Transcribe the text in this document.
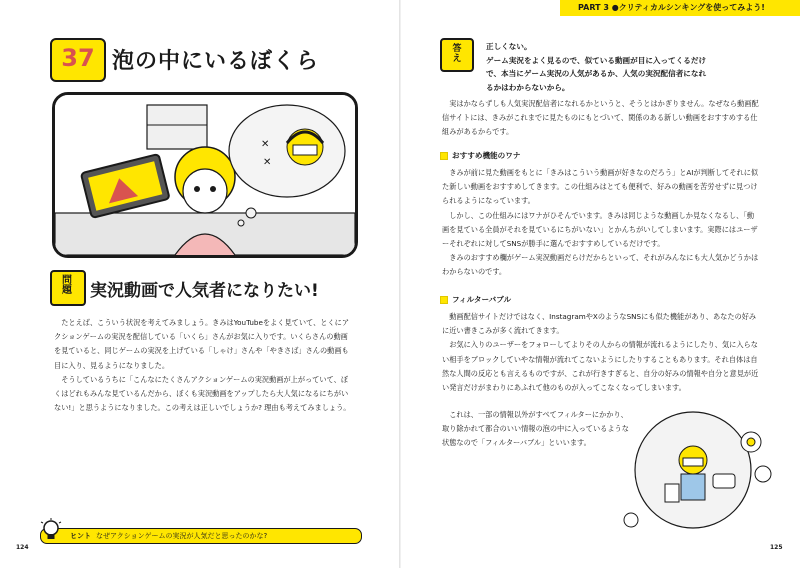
PART 3 ●クリティカルシンキングを使ってみよう!
37 泡の中にいるぼくら
✕
✕
問
題	実況動画で人気者になりたい!

たとえば、こういう状況を考えてみましょう。きみはYouTubeをよく見ていて、とくにアクションゲームの実況を配信している「いくら」さんがお気に入りです。いくらさんの動画を見ていると、同じゲームの実況を上げている「しゃけ」さんや「やきさば」さんの動画も目に入り、見るようになりました。

そうしているうちに「こんなにたくさんアクションゲームの実況動画が上がっていて、ぼくはどれもみんな見ているんだから、ぼくも実況動画をアップしたら大人気になるにちがいない!」と思うようになりました。この考えは正しいでしょうか? 理由も考えてみましょう。

ヒント なぜアクションゲームの実況が人気だと思ったのかな?
124
答
え
正しくない。
ゲーム実況をよく見るので、似ている動画が目に入ってくるだけ
で、本当にゲーム実況の人気があるか、人気の実況配信者になれ
るかはわからないから。

実はかならずしも人気実況配信者になれるかというと、そうとはかぎりません。なぜなら動画配信サイトには、きみがこれまでに見たものにもとづいて、関係のある新しい動画をおすすめする仕組みがあるからです。

おすすめ機能のワナ

きみが前に見た動画をもとに「きみはこういう動画が好きなのだろう」とAIが判断してそれに似た新しい動画をおすすめしてきます。この仕組みはとても便利で、好みの動画を苦労せずに見つけられるようになっています。

しかし、この仕組みにはワナがひそんでいます。きみは同じような動画しか見なくなるし、「動画を見ている全員がそれを見ているにちがいない」とかんちがいしてしまいます。実際にはユーザーそれぞれに対してSNSが勝手に選んでおすすめしているだけです。

きみのおすすめ欄がゲーム実況動画だらけだからといって、それがみんなにも大人気かどうかはわからないのです。

フィルターバブル

動画配信サイトだけではなく、InstagramやXのようなSNSにも似た機能があり、あなたの好みに近い書きこみが多く流れてきます。

お気に入りのユーザーをフォローしてよりその人からの情報が流れるようにしたり、気に入らない相手をブロックしていやな情報が流れてこないようにしたりすることもあります。それ自体は自然な人間の反応とも言えるものですが、これが行きすぎると、自分の好みの情報や自分と意見が近い発言だけがまわりにあふれて他のものが入ってこなくなってしまいます。

これは、一部の情報以外がすべてフィルターにかかり、取り除かれて都合のいい情報の泡の中に入っているような状態なので「フィルターバブル」といいます。

125
